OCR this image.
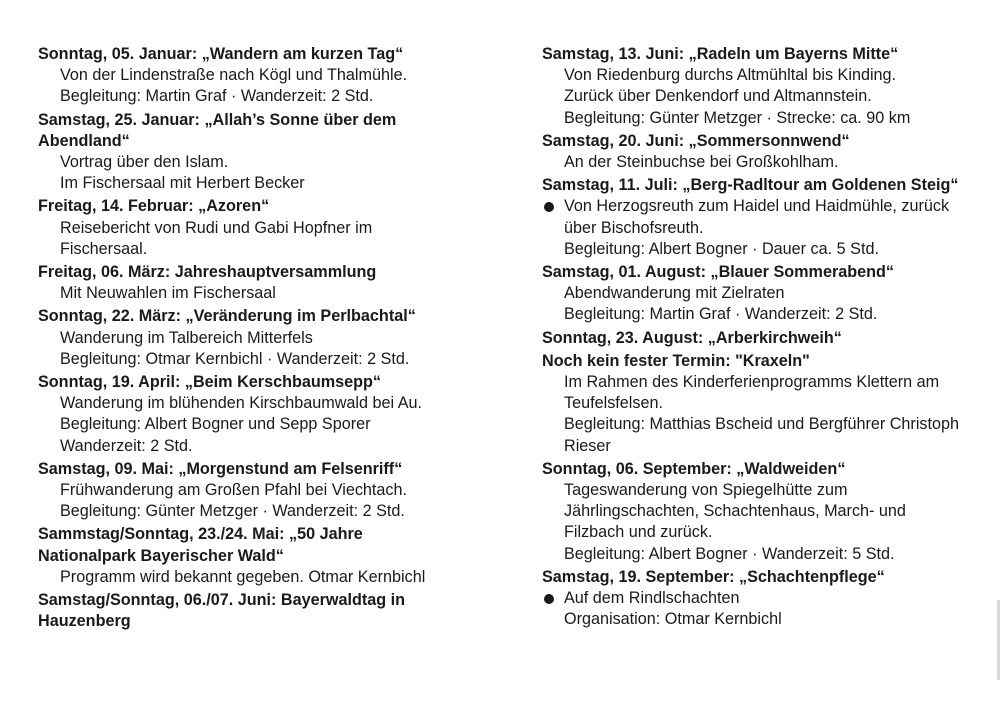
Sonntag, 05. Januar: „Wandern am kurzen Tag“
Von der Lindenstraße nach Kögl und Thalmühle.
Begleitung: Martin Graf · Wanderzeit: 2 Std.
Samstag, 25. Januar: „Allah’s Sonne über dem Abendland“
Vortrag über den Islam.
Im Fischersaal mit Herbert Becker
Freitag, 14. Februar: „Azoren“
Reisebericht von Rudi und Gabi Hopfner im Fischersaal.
Freitag, 06. März: Jahreshauptversammlung
Mit Neuwahlen im Fischersaal
Sonntag, 22. März: „Veränderung im Perlbachtal“
Wanderung im Talbereich Mitterfels
Begleitung: Otmar Kernbichl · Wanderzeit: 2 Std.
Sonntag, 19. April: „Beim Kerschbaumsepp“
Wanderung im blühenden Kirschbaumwald bei Au.
Begleitung: Albert Bogner und Sepp Sporer
Wanderzeit: 2 Std.
Samstag, 09. Mai: „Morgenstund am Felsenriff“
Frühwanderung am Großen Pfahl bei Viechtach.
Begleitung: Günter Metzger · Wanderzeit: 2 Std.
Sammstag/Sonntag, 23./24. Mai: „50 Jahre Nationalpark Bayerischer Wald“
Programm wird bekannt gegeben. Otmar Kernbichl
Samstag/Sonntag, 06./07. Juni: Bayerwaldtag in Hauzenberg
Samstag, 13. Juni: „Radeln um Bayerns Mitte“
Von Riedenburg durchs Altmühltal bis Kinding.
Zurück über Denkendorf und Altmannstein.
Begleitung: Günter Metzger · Strecke: ca. 90 km
Samstag, 20. Juni: „Sommersonnwend“
An der Steinbuchse bei Großkohlham.
Samstag, 11. Juli: „Berg-Radltour am Goldenen Steig“
Von Herzogsreuth zum Haidel und Haidmühle, zurück über Bischofsreuth.
Begleitung: Albert Bogner · Dauer ca. 5 Std.
Samstag, 01. August: „Blauer Sommerabend“
Abendwanderung mit Zielraten
Begleitung: Martin Graf · Wanderzeit: 2 Std.
Sonntag, 23. August: „Arberkirchweih“
Noch kein fester Termin: "Kraxeln"
Im Rahmen des Kinderferienprogramms Klettern am Teufelsfelsen.
Begleitung: Matthias Bscheid und Bergführer Christoph Rieser
Sonntag, 06. September: „Waldweiden“
Tageswanderung von Spiegelhütte zum Jährlingschachten, Schachtenhaus, March- und Filzbach und zurück.
Begleitung: Albert Bogner · Wanderzeit: 5 Std.
Samstag, 19. September: „Schachtenpflege“
Auf dem Rindlschachten
Organisation: Otmar Kernbichl
